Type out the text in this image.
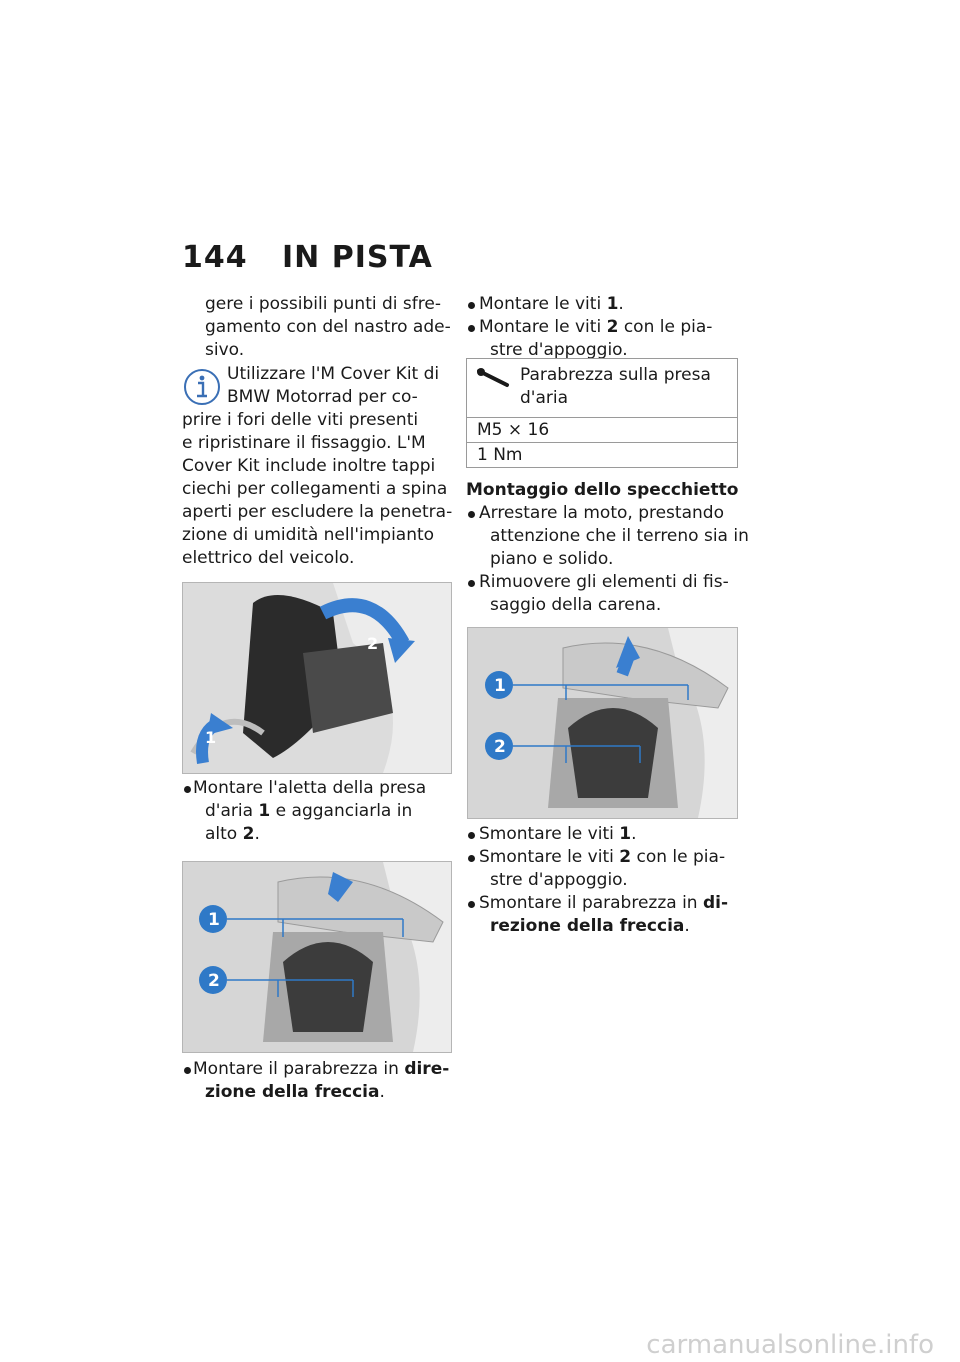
144 IN PISTA
gere i possibili punti di sfre-
gamento con del nastro ade-
sivo.
Utilizzare l'M Cover Kit di
BMW Motorrad per co-
prire i fori delle viti presenti
e ripristinare il fissaggio. L'M
Cover Kit include inoltre tappi
ciechi per collegamenti a spina
aperti per escludere la penetra-
zione di umidità nell'impianto
elettrico del veicolo.
2
1
Montare l'aletta della presa
d'aria 1 e agganciarla in
alto 2.
1
2
Montare il parabrezza in dire-
zione della freccia.
Montare le viti 1.
Montare le viti 2 con le pia-
stre d'appoggio.
Parabrezza sulla presa
d'aria
M5 × 16
1 Nm
Montaggio dello specchietto
Arrestare la moto, prestando
attenzione che il terreno sia in
piano e solido.
Rimuovere gli elementi di fis-
saggio della carena.
1
2
Smontare le viti 1.
Smontare le viti 2 con le pia-
stre d'appoggio.
Smontare il parabrezza in di-
rezione della freccia.
carmanualsonline.info
